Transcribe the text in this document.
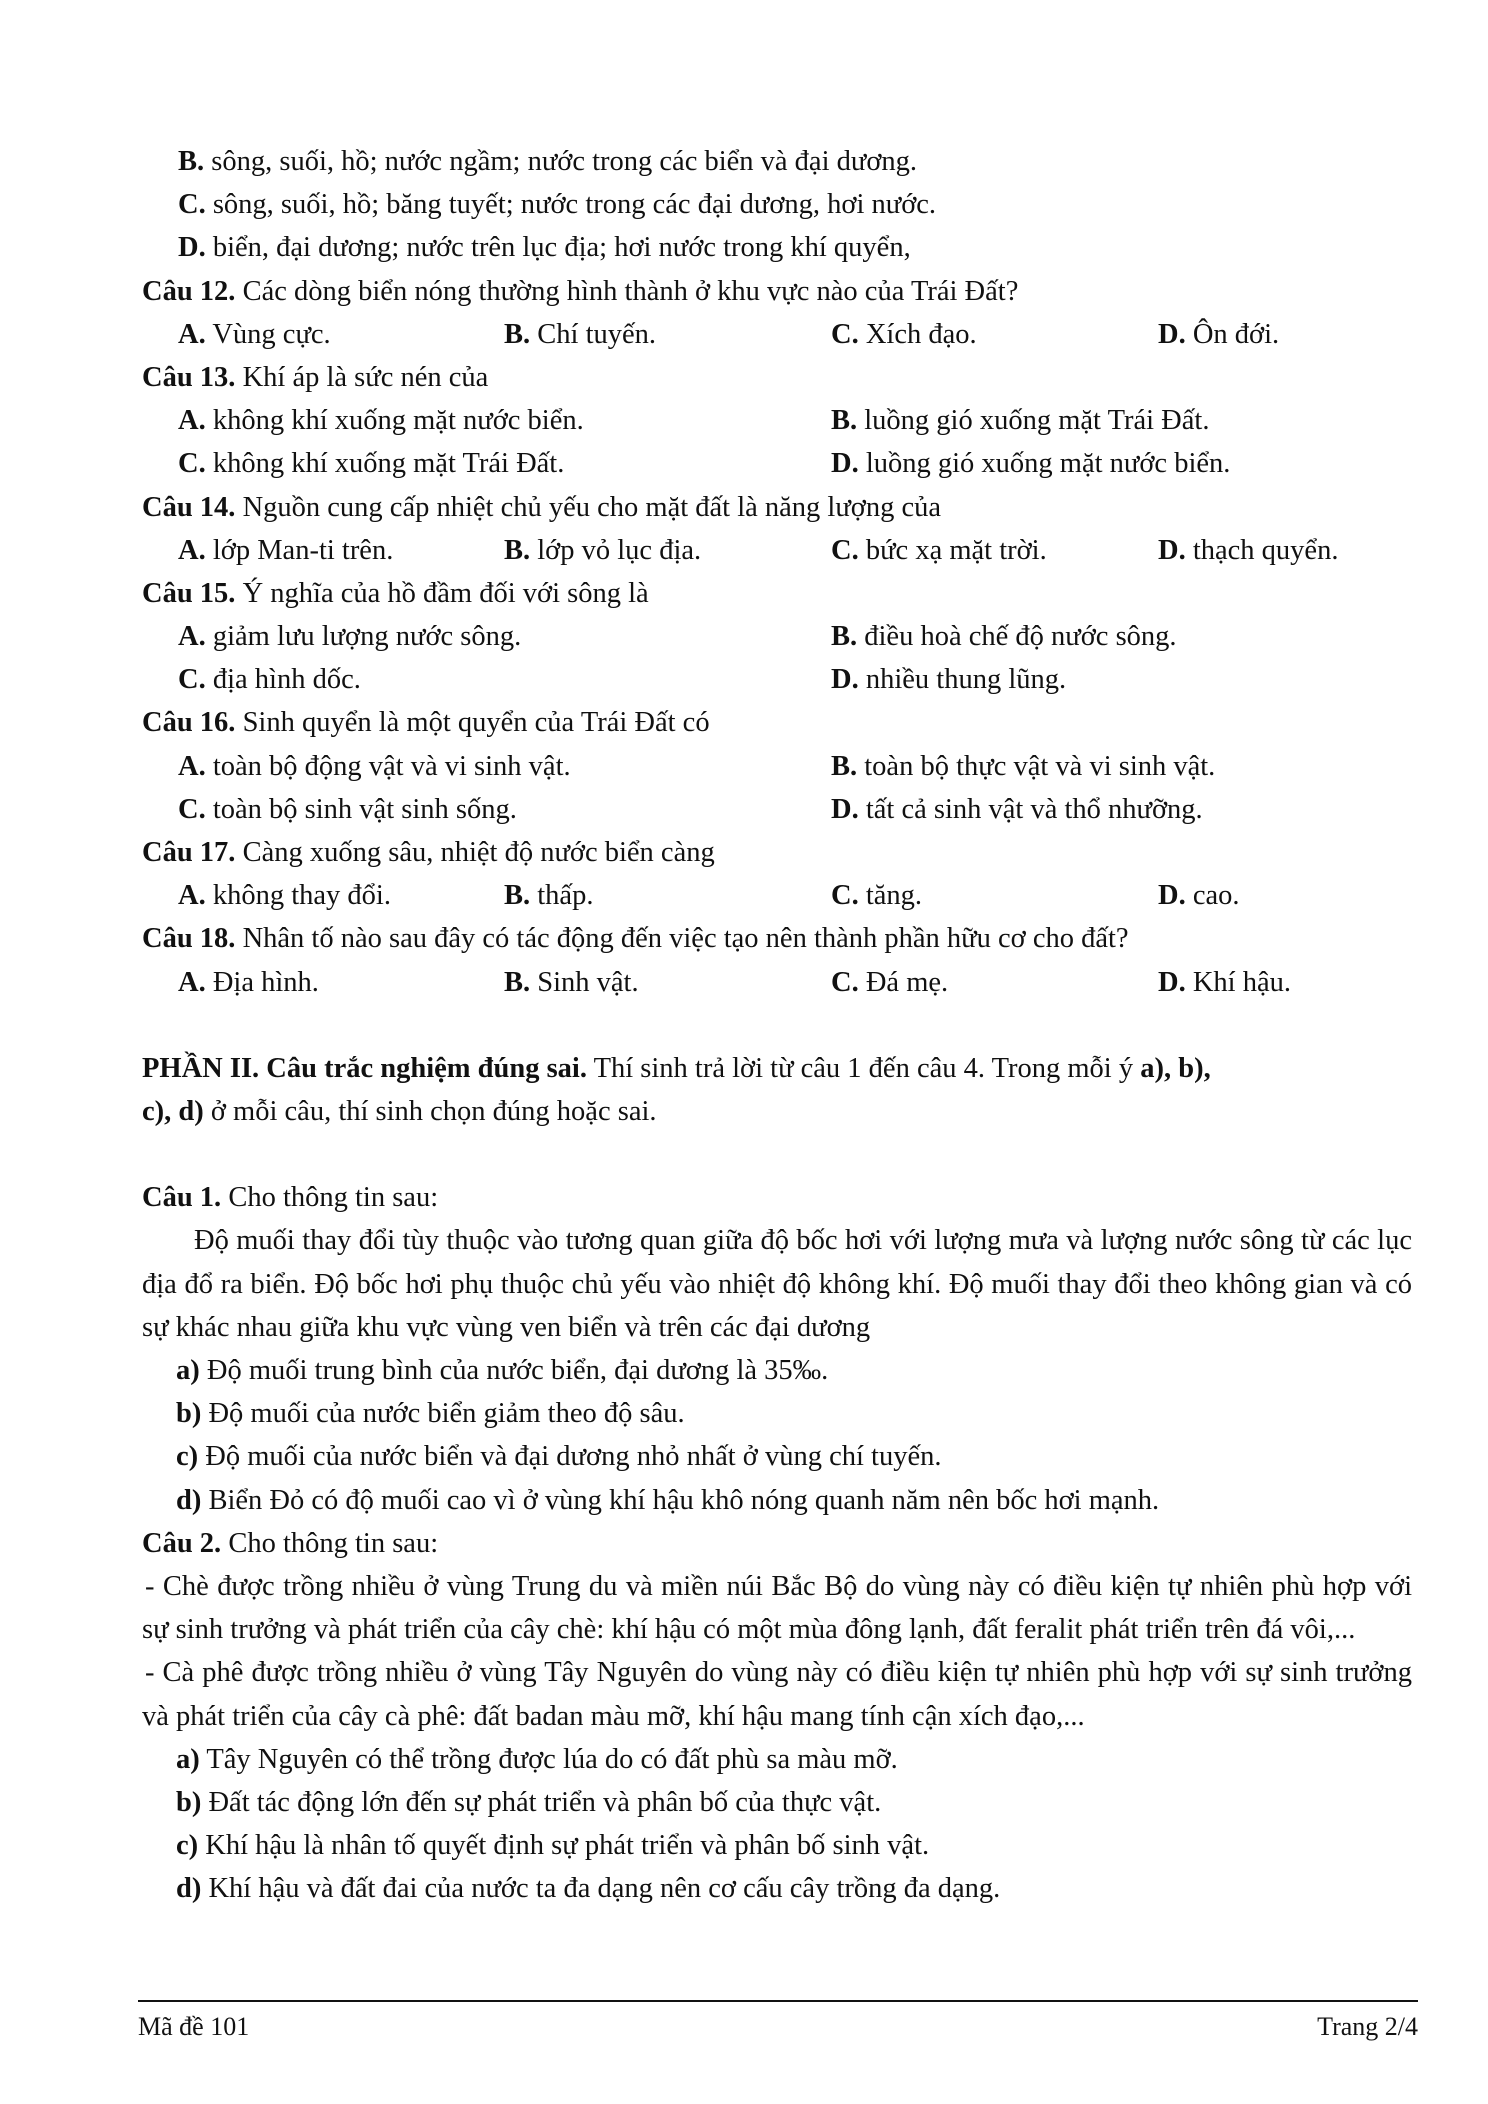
B. sông, suối, hồ; nước ngầm; nước trong các biển và đại dương.
C. sông, suối, hồ; băng tuyết; nước trong các đại dương, hơi nước.
D. biển, đại dương; nước trên lục địa; hơi nước trong khí quyển,
Câu 12. Các dòng biển nóng thường hình thành ở khu vực nào của Trái Đất?
A. Vùng cực.	B. Chí tuyến.	C. Xích đạo.	D. Ôn đới.
Câu 13. Khí áp là sức nén của
A. không khí xuống mặt nước biển.	B. luồng gió xuống mặt Trái Đất.
C. không khí xuống mặt Trái Đất.	D. luồng gió xuống mặt nước biển.
Câu 14. Nguồn cung cấp nhiệt chủ yếu cho mặt đất là năng lượng của
A. lớp Man-ti trên.	B. lớp vỏ lục địa.	C. bức xạ mặt trời.	D. thạch quyển.
Câu 15. Ý nghĩa của hồ đầm đối với sông là
A. giảm lưu lượng nước sông.	B. điều hoà chế độ nước sông.
C. địa hình dốc.	D. nhiều thung lũng.
Câu 16. Sinh quyển là một quyển của Trái Đất có
A. toàn bộ động vật và vi sinh vật.	B. toàn bộ thực vật và vi sinh vật.
C. toàn bộ sinh vật sinh sống.	D. tất cả sinh vật và thổ nhưỡng.
Câu 17. Càng xuống sâu, nhiệt độ nước biển càng
A. không thay đổi.	B. thấp.	C. tăng.	D. cao.
Câu 18. Nhân tố nào sau đây có tác động đến việc tạo nên thành phần hữu cơ cho đất?
A. Địa hình.	B. Sinh vật.	C. Đá mẹ.	D. Khí hậu.
PHẦN II. Câu trắc nghiệm đúng sai. Thí sinh trả lời từ câu 1 đến câu 4. Trong mỗi ý a), b),
c), d) ở mỗi câu, thí sinh chọn đúng hoặc sai.
Câu 1. Cho thông tin sau:
Độ muối thay đổi tùy thuộc vào tương quan giữa độ bốc hơi với lượng mưa và lượng nước sông từ các lục địa đổ ra biển. Độ bốc hơi phụ thuộc chủ yếu vào nhiệt độ không khí. Độ muối thay đổi theo không gian và có sự khác nhau giữa khu vực vùng ven biển và trên các đại dương
a) Độ muối trung bình của nước biển, đại dương là 35‰.
b) Độ muối của nước biển giảm theo độ sâu.
c) Độ muối của nước biển và đại dương nhỏ nhất ở vùng chí tuyến.
d) Biển Đỏ có độ muối cao vì ở vùng khí hậu khô nóng quanh năm nên bốc hơi mạnh.
Câu 2. Cho thông tin sau:
- Chè được trồng nhiều ở vùng Trung du và miền núi Bắc Bộ do vùng này có điều kiện tự nhiên phù hợp với sự sinh trưởng và phát triển của cây chè: khí hậu có một mùa đông lạnh, đất feralit phát triển trên đá vôi,...
- Cà phê được trồng nhiều ở vùng Tây Nguyên do vùng này có điều kiện tự nhiên phù hợp với sự sinh trưởng và phát triển của cây cà phê: đất badan màu mỡ, khí hậu mang tính cận xích đạo,...
a) Tây Nguyên có thể trồng được lúa do có đất phù sa màu mỡ.
b) Đất tác động lớn đến sự phát triển và phân bố của thực vật.
c) Khí hậu là nhân tố quyết định sự phát triển và phân bố sinh vật.
d) Khí hậu và đất đai của nước ta đa dạng nên cơ cấu cây trồng đa dạng.
Mã đề 101	Trang 2/4
